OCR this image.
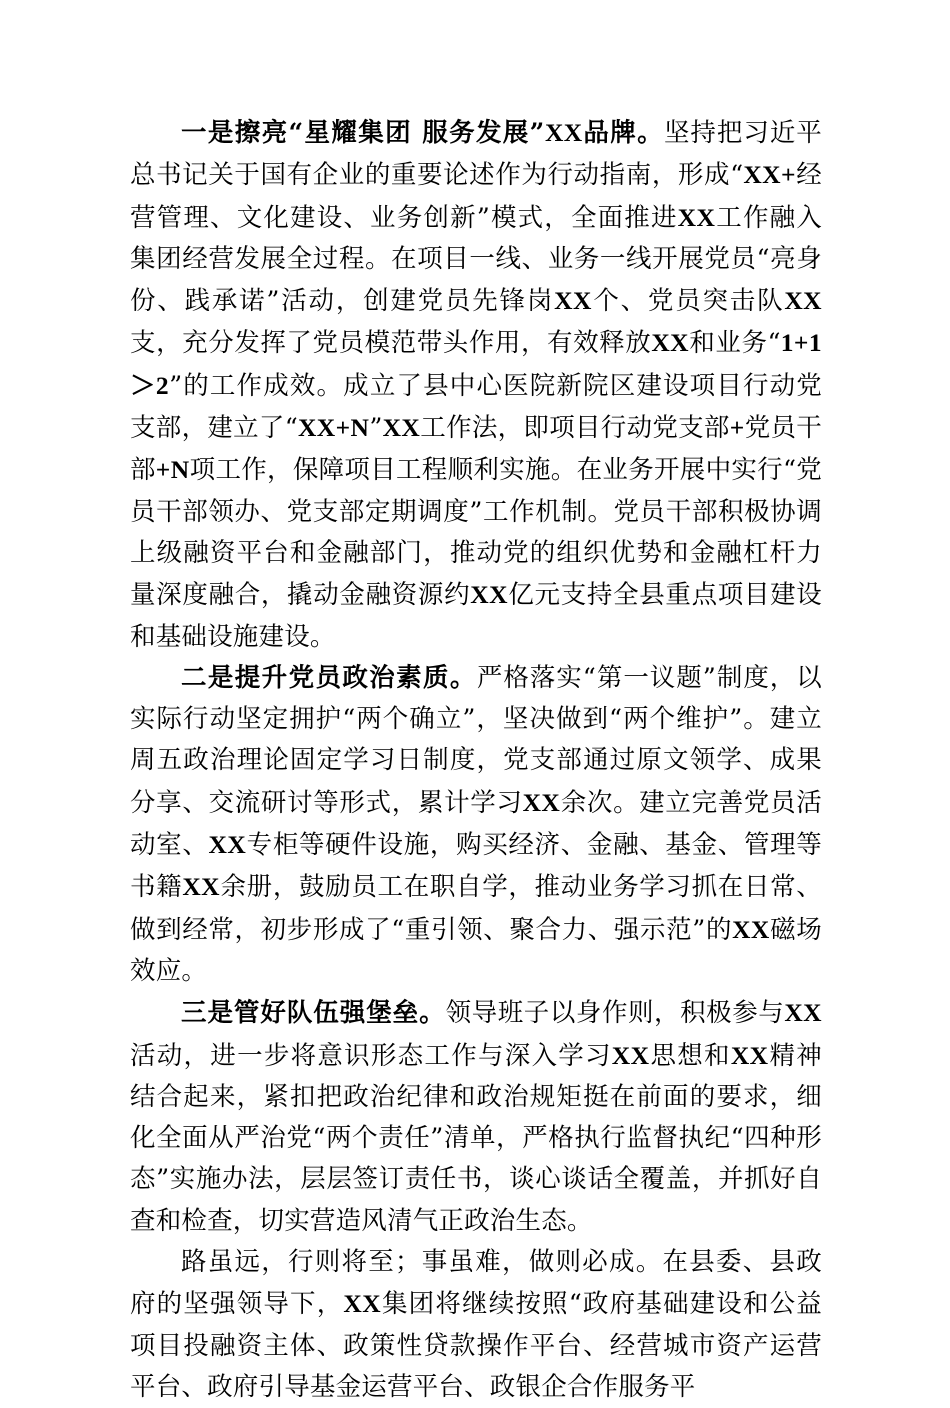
一是擦亮“星耀集团 服务发展”XX品牌。坚持把习近平总书记关于国有企业的重要论述作为行动指南，形成“XX+经营管理、文化建设、业务创新”模式，全面推进XX工作融入集团经营发展全过程。在项目一线、业务一线开展党员“亮身份、践承诺”活动，创建党员先锋岗XX个、党员突击队XX支，充分发挥了党员模范带头作用，有效释放XX和业务“1+1＞2”的工作成效。成立了县中心医院新院区建设项目行动党支部，建立了“XX+N”XX工作法，即项目行动党支部+党员干部+N项工作，保障项目工程顺利实施。在业务开展中实行“党员干部领办、党支部定期调度”工作机制。党员干部积极协调上级融资平台和金融部门，推动党的组织优势和金融杠杆力量深度融合，撬动金融资源约XX亿元支持全县重点项目建设和基础设施建设。

二是提升党员政治素质。严格落实“第一议题”制度，以实际行动坚定拥护“两个确立”，坚决做到“两个维护”。建立周五政治理论固定学习日制度，党支部通过原文领学、成果分享、交流研讨等形式，累计学习XX余次。建立完善党员活动室、XX专柜等硬件设施，购买经济、金融、基金、管理等书籍XX余册，鼓励员工在职自学，推动业务学习抓在日常、做到经常，初步形成了“重引领、聚合力、强示范”的XX磁场效应。

三是管好队伍强堡垒。领导班子以身作则，积极参与XX活动，进一步将意识形态工作与深入学习XX思想和XX精神结合起来，紧扣把政治纪律和政治规矩挺在前面的要求，细化全面从严治党“两个责任”清单，严格执行监督执纪“四种形态”实施办法，层层签订责任书，谈心谈话全覆盖，并抓好自查和检查，切实营造风清气正政治生态。

路虽远，行则将至；事虽难，做则必成。在县委、县政府的坚强领导下，XX集团将继续按照“政府基础建设和公益项目投融资主体、政策性贷款操作平台、经营城市资产运营平台、政府引导基金运营平台、政银企合作服务平
